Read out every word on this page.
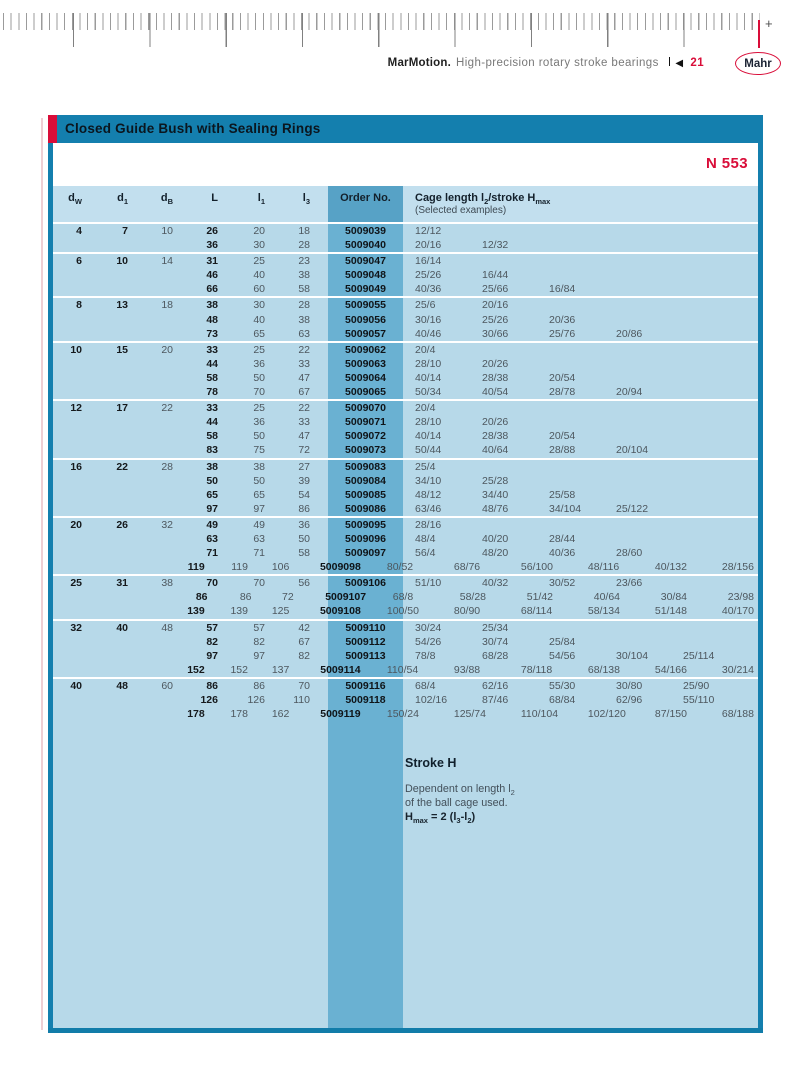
+
MarMotion. High-precision rotary stroke bearings ◀ 21	Mahr
Closed Guide Bush with Sealing Rings
N 553
$d_W$	$d_1$	$d_B$	L	$l_1$	$l_3$	Order No.	Cage length $l_2$/stroke $H_{max}$
(Selected examples)
4	7	10	26	20	18	5009039	12/12
36	30	28	5009040	20/16	12/32
6	10	14	31	25	23	5009047	16/14
46	40	38	5009048	25/26	16/44
66	60	58	5009049	40/36	25/66	16/84
8	13	18	38	30	28	5009055	25/6	20/16
48	40	38	5009056	30/16	25/26	20/36
73	65	63	5009057	40/46	30/66	25/76	20/86
10	15	20	33	25	22	5009062	20/4
44	36	33	5009063	28/10	20/26
58	50	47	5009064	40/14	28/38	20/54
78	70	67	5009065	50/34	40/54	28/78	20/94
12	17	22	33	25	22	5009070	20/4
44	36	33	5009071	28/10	20/26
58	50	47	5009072	40/14	28/38	20/54
83	75	72	5009073	50/44	40/64	28/88	20/104
16	22	28	38	38	27	5009083	25/4
50	50	39	5009084	34/10	25/28
65	65	54	5009085	48/12	34/40	25/58
97	97	86	5009086	63/46	48/76	34/104	25/122
20	26	32	49	49	36	5009095	28/16
63	63	50	5009096	48/4	40/20	28/44
71	71	58	5009097	56/4	48/20	40/36	28/60
119	119	106	5009098	80/52	68/76	56/100	48/116	40/132	28/156
25	31	38	70	70	56	5009106	51/10	40/32	30/52	23/66
86	86	72	5009107	68/8	58/28	51/42	40/64	30/84	23/98
139	139	125	5009108	100/50	80/90	68/114	58/134	51/148	40/170
32	40	48	57	57	42	5009110	30/24	25/34
82	82	67	5009112	54/26	30/74	25/84
97	97	82	5009113	78/8	68/28	54/56	30/104	25/114
152	152	137	5009114	110/54	93/88	78/118	68/138	54/166	30/214
40	48	60	86	86	70	5009116	68/4	62/16	55/30	30/80	25/90
126	126	110	5009118	102/16	87/46	68/84	62/96	55/110
178	178	162	5009119	150/24	125/74	110/104	102/120	87/150	68/188
Stroke H
Dependent on length $l_2$
of the ball cage used.
$H_{max} = 2$ $(l_3-l_2)$
